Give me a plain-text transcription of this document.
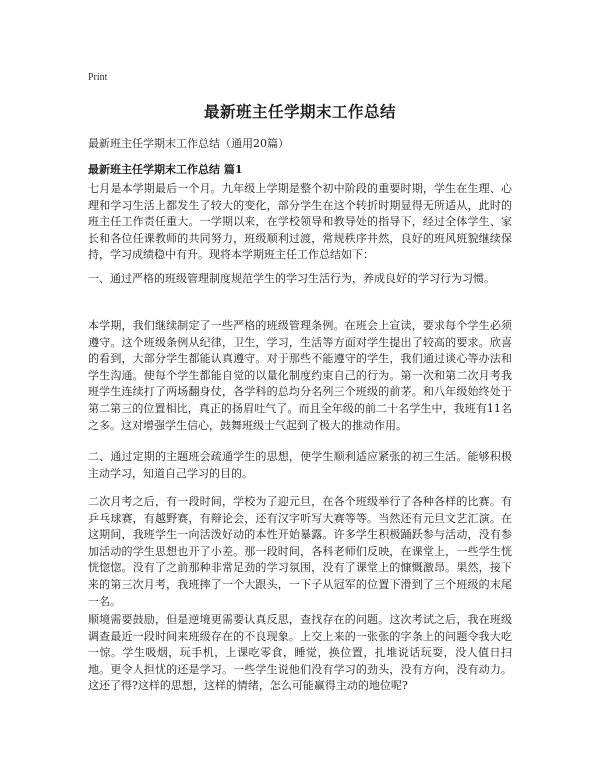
Print
最新班主任学期末工作总结
最新班主任学期末工作总结（通用20篇）
最新班主任学期末工作总结 篇1

七月是本学期最后一个月。九年级上学期是整个初中阶段的重要时期，学生在生理、心理和学习生活上都发生了较大的变化，部分学生在这个转折时期显得无所适从，此时的班主任工作责任重大。一学期以来，在学校领导和教导处的指导下，经过全体学生、家长和各位任课教师的共同努力，班级顺利过渡，常规秩序井然，良好的班风班貌继续保持，学习成绩稳中有升。现将本学期班主任工作总结如下：

一、通过严格的班级管理制度规范学生的学习生活行为，养成良好的学习行为习惯。

本学期，我们继续制定了一些严格的班级管理条例。在班会上宣读，要求每个学生必须遵守。这个班级条例从纪律，卫生，学习，生活等方面对学生提出了较高的要求。欣喜的看到，大部分学生都能认真遵守。对于那些不能遵守的学生，我们通过谈心等办法和学生沟通。使每个学生都能自觉的以量化制度约束自己的行为。第一次和第二次月考我班学生连续打了两场翻身仗，各学科的总均分名列三个班级的前茅。和八年级始终处于第二第三的位置相比，真正的扬眉吐气了。而且全年级的前二十名学生中，我班有11名之多。这对增强学生信心，鼓舞班级士气起到了极大的推动作用。

二、通过定期的主题班会疏通学生的思想，使学生顺利适应紧张的初三生活。能够积极主动学习，知道自己学习的目的。

二次月考之后，有一段时间，学校为了迎元旦，在各个班级举行了各种各样的比赛。有乒乓球赛，有越野赛，有辩论会，还有汉字听写大赛等等。当然还有元旦文艺汇演。在这期间，我班学生一向活泼好动的本性开始暴露。许多学生积极踊跃参与活动，没有参加活动的学生思想也开了小差。那一段时间，各科老师们反映，在课堂上，一些学生恍恍惚惚。没有了之前那种非常足劲的学习氛围，没有了课堂上的慷慨激昂。果然，接下来的第三次月考，我班摔了一个大跟头，一下子从冠军的位置下滑到了三个班级的末尾一名。

顺境需要鼓励，但是逆境更需要认真反思，查找存在的问题。这次考试之后，我在班级调查最近一段时间来班级存在的不良现象。上交上来的一张张的字条上的问题令我大吃一惊。学生吸烟，玩手机，上课吃零食，睡觉，换位置，扎堆说话玩耍，没人值日扫地。更令人担忧的还是学习。一些学生说他们没有学习的劲头，没有方向，没有动力。这还了得?这样的思想，这样的情绪，怎么可能赢得主动的地位呢?
